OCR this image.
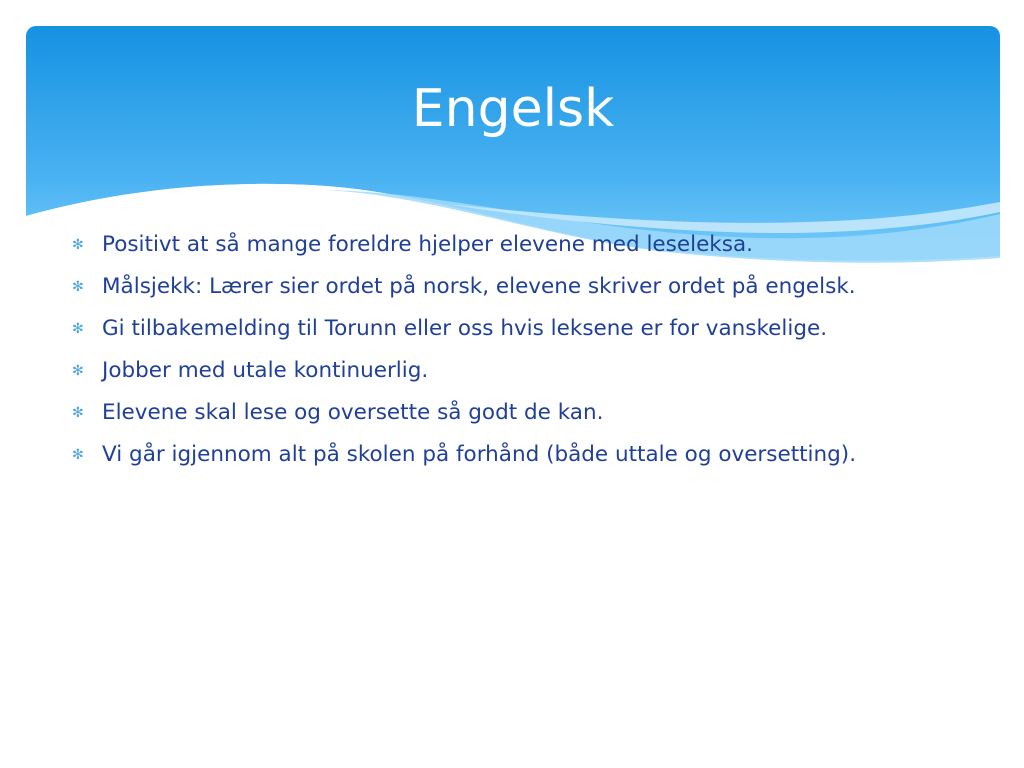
Engelsk
✻ Positivt at så mange foreldre hjelper elevene med leseleksa.
✻ Målsjekk: Lærer sier ordet på norsk, elevene skriver ordet på engelsk.
✻ Gi tilbakemelding til Torunn eller oss hvis leksene er for vanskelige.
✻ Jobber med utale kontinuerlig.
✻ Elevene skal lese og oversette så godt de kan.
✻ Vi går igjennom alt på skolen på forhånd (både uttale og oversetting).
